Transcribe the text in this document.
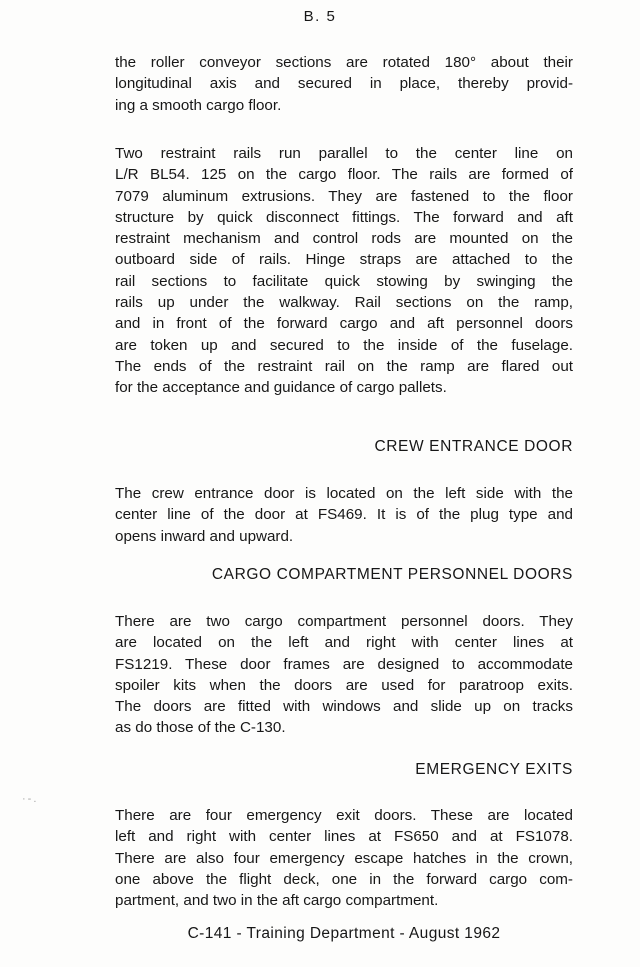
B. 5

the roller conveyor sections are rotated 180° about their
longitudinal axis and secured in place, thereby provid-
ing a smooth cargo floor.

Two restraint rails run parallel to the center line on
L/R BL54. 125 on the cargo floor. The rails are formed of
7079 aluminum extrusions. They are fastened to the floor
structure by quick disconnect fittings. The forward and aft
restraint mechanism and control rods are mounted on the
outboard side of rails. Hinge straps are attached to the
rail sections to facilitate quick stowing by swinging the
rails up under the walkway. Rail sections on the ramp,
and in front of the forward cargo and aft personnel doors
are token up and secured to the inside of the fuselage.
The ends of the restraint rail on the ramp are flared out
for the acceptance and guidance of cargo pallets.

CREW ENTRANCE DOOR

The crew entrance door is located on the left side with the
center line of the door at FS469. It is of the plug type and
opens inward and upward.

CARGO COMPARTMENT PERSONNEL DOORS

There are two cargo compartment personnel doors. They
are located on the left and right with center lines at
FS1219. These door frames are designed to accommodate
spoiler kits when the doors are used for paratroop exits.
The doors are fitted with windows and slide up on tracks
as do those of the C-130.

EMERGENCY EXITS

There are four emergency exit doors. These are located
left and right with center lines at FS650 and at FS1078.
There are also four emergency escape hatches in the crown,
one above the flight deck, one in the forward cargo com-
partment, and two in the aft cargo compartment.

·-.
C-141 - Training Department - August 1962
